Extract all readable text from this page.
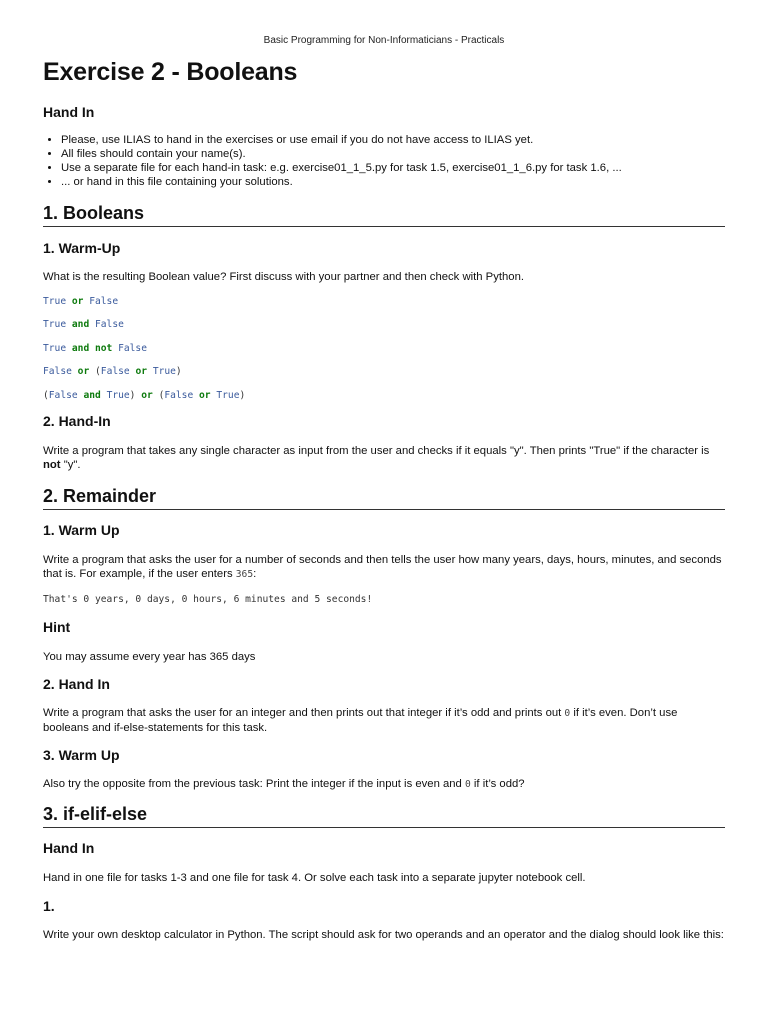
Basic Programming for Non-Informaticians - Practicals
Exercise 2 - Booleans
Hand In
• Please, use ILIAS to hand in the exercises or use email if you do not have access to ILIAS yet.
• All files should contain your name(s).
• Use a separate file for each hand-in task: e.g. exercise01_1_5.py for task 1.5, exercise01_1_6.py for task 1.6, ...
• ... or hand in this file containing your solutions.
1. Booleans
1. Warm-Up

What is the resulting Boolean value? First discuss with your partner and then check with Python.

True or False
True and False
True and not False
False or (False or True)
(False and True) or (False or True)
2. Hand-In

Write a program that takes any single character as input from the user and checks if it equals "y". Then prints "True" if the character is not "y".

2. Remainder
1. Warm Up

Write a program that asks the user for a number of seconds and then tells the user how many years, days, hours, minutes, and seconds that is. For example, if the user enters 365:

That's 0 years, 0 days, 0 hours, 6 minutes and 5 seconds!
Hint

You may assume every year has 365 days

2. Hand In

Write a program that asks the user for an integer and then prints out that integer if it’s odd and prints out 0 if it’s even. Don’t use booleans and if-else-statements for this task.

3. Warm Up

Also try the opposite from the previous task: Print the integer if the input is even and 0 if it’s odd?

3. if-elif-else
Hand In

Hand in one file for tasks 1-3 and one file for task 4. Or solve each task into a separate jupyter notebook cell.

1.

Write your own desktop calculator in Python. The script should ask for two operands and an operator and the dialog should look like this:
